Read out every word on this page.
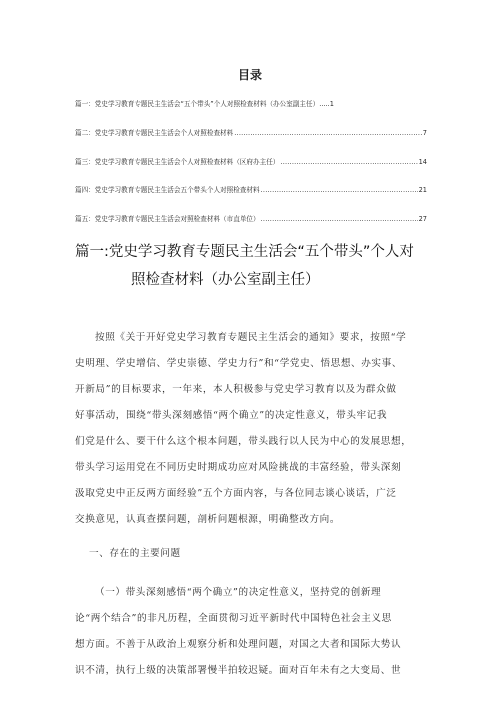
目录
篇一：党史学习教育专题民主生活会“五个带头”个人对照检查材料（办公室副主任） .....1
篇二：党史学习教育专题民主生活会个人对照检查材料 .....	7
篇三：党史学习教育专题民主生活会个人对照检查材料（区府办主任） .....	14
篇四：党史学习教育专题民主生活会五个带头个人对照检查材料 .....	21
篇五：党史学习教育专题民主生活会对照检查材料（市直单位） .....	27
篇一:党史学习教育专题民主生活会“五个带头”个人对
照检查材料（办公室副主任）
按照《关于开好党史学习教育专题民主生活会的通知》要求，按照“学
史明理、学史增信、学史崇德、学史力行”和“学党史、悟思想、办实事、
开新局”的目标要求，一年来，本人积极参与党史学习教育以及为群众做
好事活动，围绕“带头深刻感悟“两个确立”的决定性意义，带头牢记我
们党是什么、要干什么这个根本问题，带头践行以人民为中心的发展思想，
带头学习运用党在不同历史时期成功应对风险挑战的丰富经验，带头深刻
汲取党史中正反两方面经验”五个方面内容，与各位同志谈心谈话，广泛
交换意见，认真查摆问题，剖析问题根源，明确整改方向。
一、存在的主要问题
（一）带头深刻感悟“两个确立”的决定性意义，坚持党的创新理
论“两个结合”的非凡历程，全面贯彻习近平新时代中国特色社会主义思
想方面。不善于从政治上观察分析和处理问题，对国之大者和国际大势认
识不清，执行上级的决策部署慢半拍较迟疑。面对百年未有之大变局、世
